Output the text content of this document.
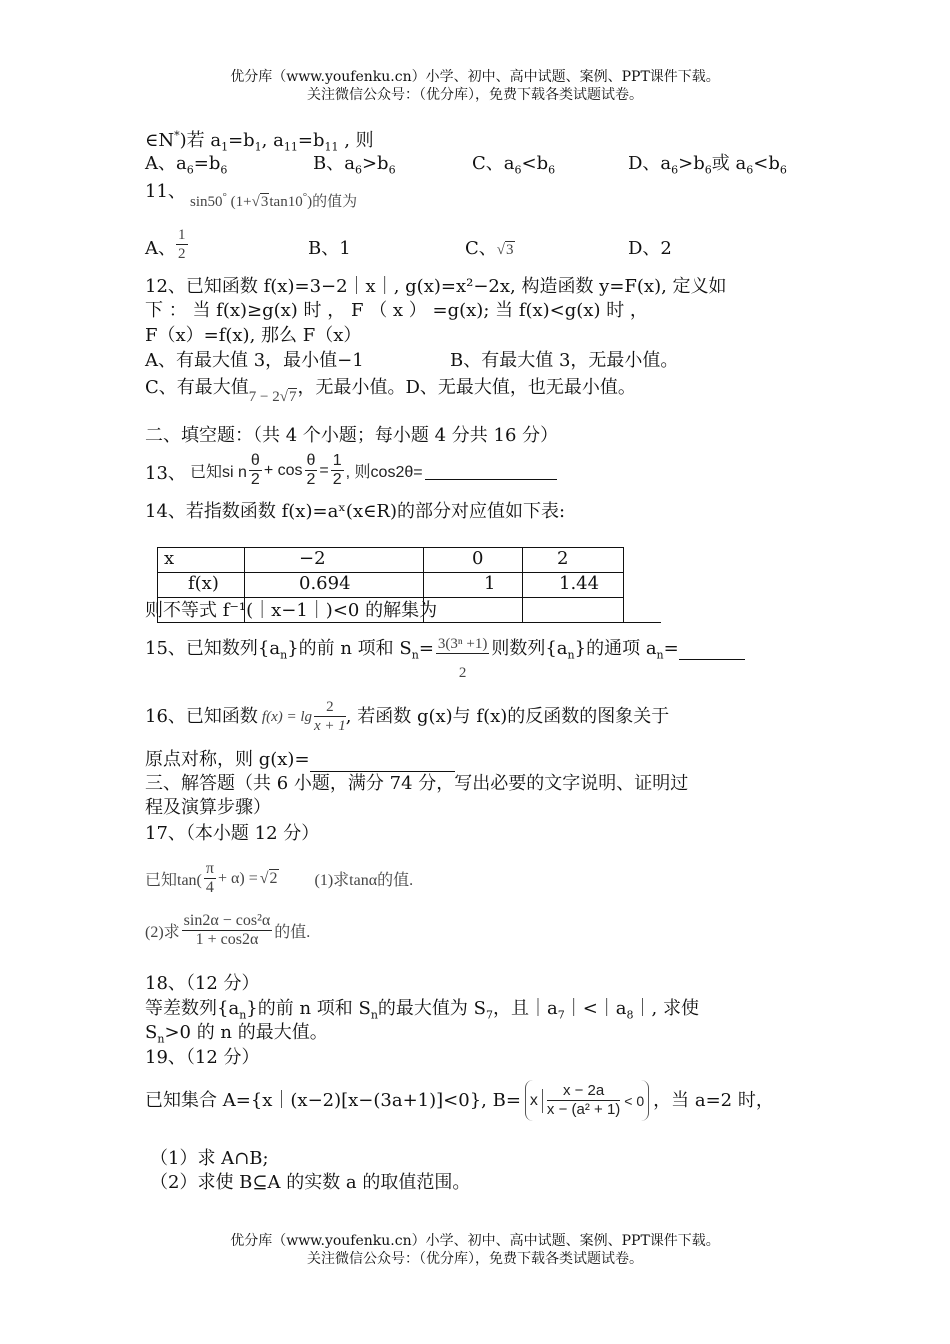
优分库（www.youfenku.cn）小学、初中、高中试题、案例、PPT课件下载。
关注微信公众号：（优分库），免费下载各类试题试卷。
∈N*)若 $a_1=b_1$, $a_{11}=b_{11}$ , 则
A、$a_6=b_6$	B、$a_6>b_6$	C、$a_6<b_6$	D、$a_6>b_6$或 $a_6<b_6$
11、 sin50° (1+√3tan10°)的值为
A、 $\frac{1}{2}$	B、1	C、√3	D、2
12、已知函数 f(x)=3−2｜x｜, g(x)=x²−2x, 构造函数 y=F(x), 定义如
下 ： 当 f(x)≥g(x) 时 ， F （ x ） =g(x); 当 f(x)<g(x) 时 ，
F（x）=f(x), 那么 F（x）
A、有最大值 3，最小值−1	B、有最大值 3，无最小值。
C、有最大值$_{7 - 2√7}$，无最小值。D、无最大值，也无最小值。
二、填空题：（共 4 个小题；每小题 4 分共 16 分）
13、 已知si n $\frac{\theta}{2} + \cos \frac{\theta}{2} = \frac{1}{2}$ , 则cos2θ=
14、若指数函数 f(x)=aˣ(x∈R)的部分对应值如下表:
x	−2	0	2
f(x)	0.694	1	1.44

则不等式 f⁻¹(｜x−1｜)<0 的解集为
15、已知数列$\{a_n\}$的前 n 项和 $S_n= \frac{\text{3(3ⁿ +1)}}{2}$ 则数列$\{a_n\}$的通项 $a_n=$
16、已知函数 $f(x) = \lg \frac{2}{x + 1}$ , 若函数 g(x)与 f(x)的反函数的图象关于
原点对称，则 g(x)=
三、解答题（共 6 小题，满分 74 分，写出必要的文字说明、证明过
程及演算步骤）
17、（本小题 12 分）
已知$\tan( \frac{\pi}{4} + \alpha) = √2$ (1)求tanα的值.
(2)求 $\frac{\text{sin2α − cos²α}}{1 + \cos 2\alpha}$ 的值.
18、（12 分）
等差数列$\{a_n\}$的前 n 项和 $S_n$的最大值为 $S_7$，且$|a_7|<|a_8|$, 求使
$S_n>0$ 的 n 的最大值。
19、（12 分）
已知集合 A={x｜(x−2)[x−(3a+1)]<0}, B= x $\frac{x - 2a}{\text{x − (a² + 1)}} < 0$ ，当 a=2 时，
（1）求 A∩B;
（2）求使 B⊆A 的实数 a 的取值范围。
优分库（www.youfenku.cn）小学、初中、高中试题、案例、PPT课件下载。
关注微信公众号：（优分库），免费下载各类试题试卷。
